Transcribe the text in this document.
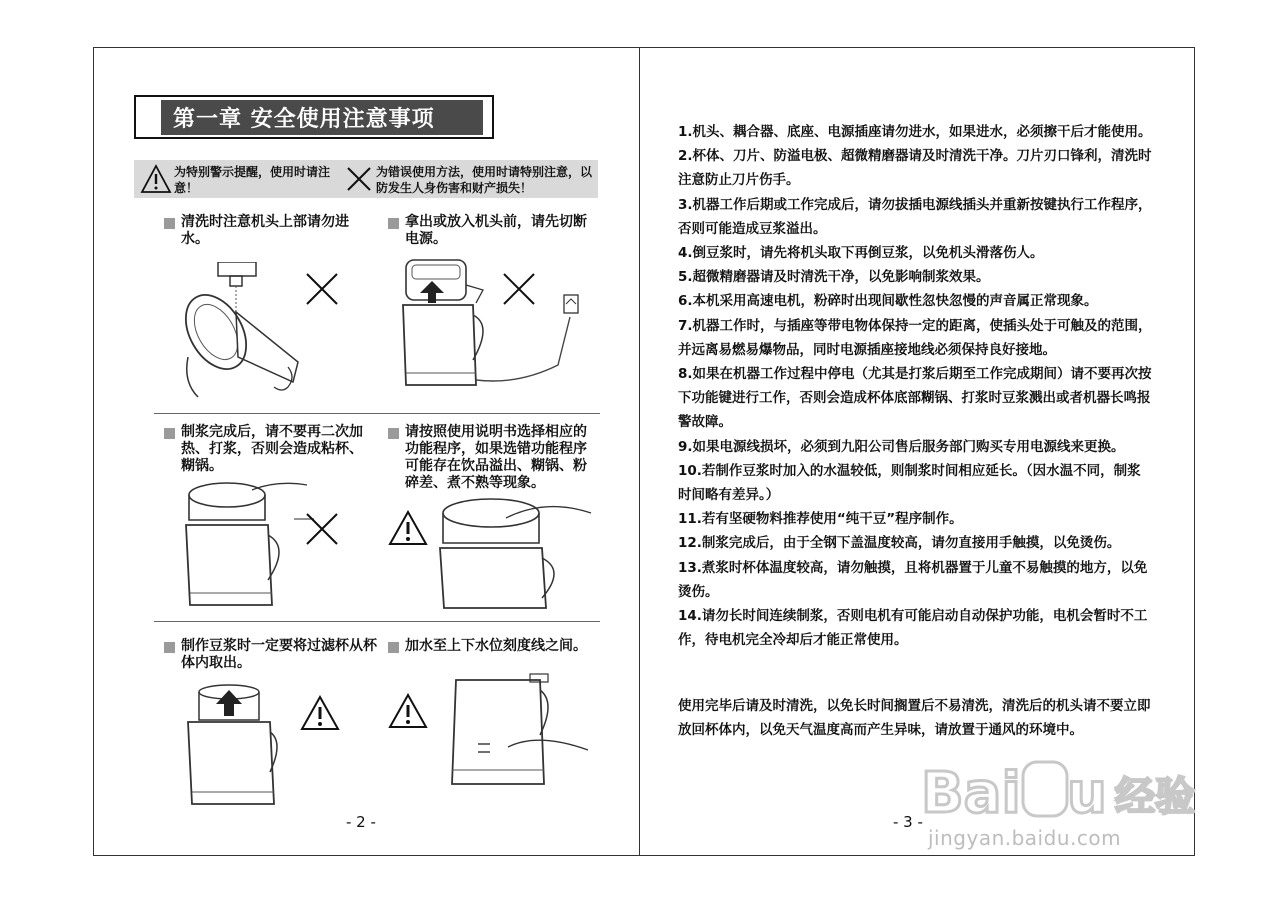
第一章 安全使用注意事项
为特别警示提醒，使用时请注意！
为错误使用方法，使用时请特别注意，以防发生人身伤害和财产损失！
清洗时注意机头上部请勿进水。
拿出或放入机头前，请先切断电源。
制浆完成后，请不要再二次加热、打浆，否则会造成粘杯、糊锅。
请按照使用说明书选择相应的功能程序，如果选错功能程序可能存在饮品溢出、糊锅、粉碎差、煮不熟等现象。
制作豆浆时一定要将过滤杯从杯体内取出。
加水至上下水位刻度线之间。
- 2 -
1.机头、耦合器、底座、电源插座请勿进水，如果进水，必须擦干后才能使用。
2.杯体、刀片、防溢电极、超微精磨器请及时清洗干净。刀片刃口锋利，清洗时注意防止刀片伤手。
3.机器工作后期或工作完成后，请勿拔插电源线插头并重新按键执行工作程序，否则可能造成豆浆溢出。
4.倒豆浆时，请先将机头取下再倒豆浆，以免机头滑落伤人。
5.超微精磨器请及时清洗干净，以免影响制浆效果。
6.本机采用高速电机，粉碎时出现间歇性忽快忽慢的声音属正常现象。
7.机器工作时，与插座等带电物体保持一定的距离，使插头处于可触及的范围，并远离易燃易爆物品，同时电源插座接地线必须保持良好接地。
8.如果在机器工作过程中停电（尤其是打浆后期至工作完成期间）请不要再次按下功能键进行工作，否则会造成杯体底部糊锅、打浆时豆浆溅出或者机器长鸣报警故障。
9.如果电源线损坏，必须到九阳公司售后服务部门购买专用电源线来更换。
10.若制作豆浆时加入的水温较低，则制浆时间相应延长。（因水温不同，制浆时间略有差异。）
11.若有坚硬物料推荐使用“纯干豆”程序制作。
12.制浆完成后，由于全钢下盖温度较高，请勿直接用手触摸，以免烫伤。
13.煮浆时杯体温度较高，请勿触摸，且将机器置于儿童不易触摸的地方，以免烫伤。
14.请勿长时间连续制浆，否则电机有可能启动自动保护功能，电机会暂时不工作，待电机完全冷却后才能正常使用。
使用完毕后请及时清洗，以免长时间搁置后不易清洗，清洗后的机头请不要立即放回杯体内，以免天气温度高而产生异味，请放置于通风的环境中。
- 3 -
Bai u 经验
jingyan.baidu.com
